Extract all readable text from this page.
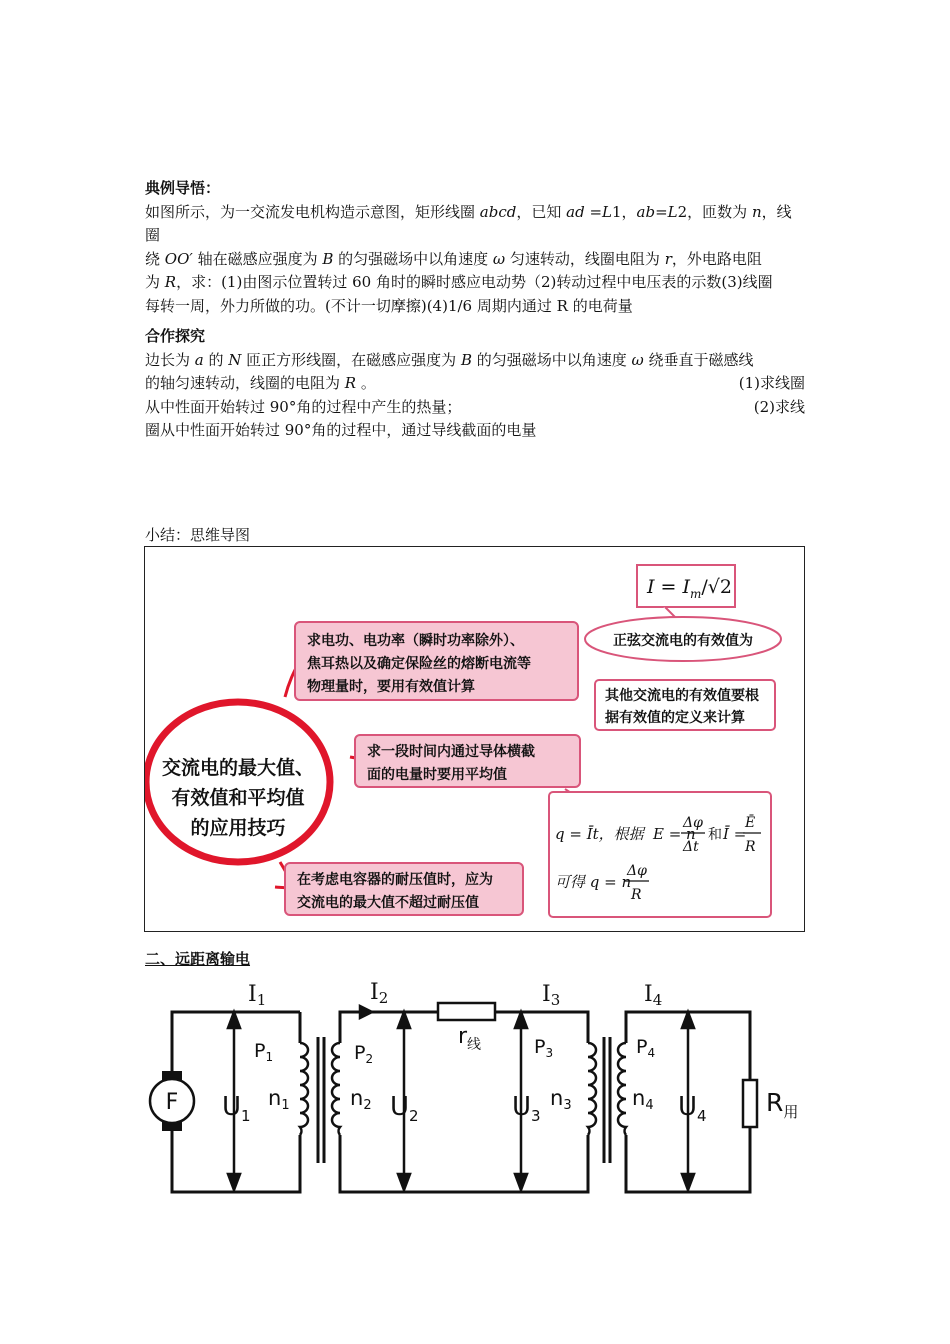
典例导悟：
如图所示，为一交流发电机构造示意图，矩形线圈 abcd，已知 ad =L1，ab=L2，匝数为 n，线圈
绕 OO′ 轴在磁感应强度为 B 的匀强磁场中以角速度 ω 匀速转动，线圈电阻为 r，外电路电阻
为 R，求：(1)由图示位置转过 60 角时的瞬时感应电动势（2)转动过程中电压表的示数(3)线圈
每转一周，外力所做的功。(不计一切摩擦)(4)1/6 周期内通过 R 的电荷量
合作探究
边长为 a 的 N 匝正方形线圈，在磁感应强度为 B 的匀强磁场中以角速度 ω 绕垂直于磁感线
的轴匀速转动，线圈的电阻为 R 。	(1)求线圈
从中性面开始转过 90°角的过程中产生的热量；	(2)求线
圈从中性面开始转过 90°角的过程中，通过导线截面的电量
小结：思维导图
交流电的最大值、
有效值和平均值
的应用技巧
求电功、电功率（瞬时功率除外）、
焦耳热以及确定保险丝的熔断电流等
物理量时，要用有效值计算
$I = I_m/√2$
正弦交流电的有效值为
其他交流电的有效值要根
据有效值的定义来计算
求一段时间内通过导体横截
面的电量时要用平均值
q = Īt，根据 E = n
Δφ
Δt
和 Ī =
Ē
R
可得 q = n
Δφ
R
在考虑电容器的耐压值时，应为
交流电的最大值不超过耐压值
二、远距离输电
F
I1	I2	I3	I4
$P_1$	$P_2$
$P_3$	$P_4$
$U_1$	$U_2$	$U_3$	$U_4$
n1	n2	n3	n4
$r_线$
$R_用$
